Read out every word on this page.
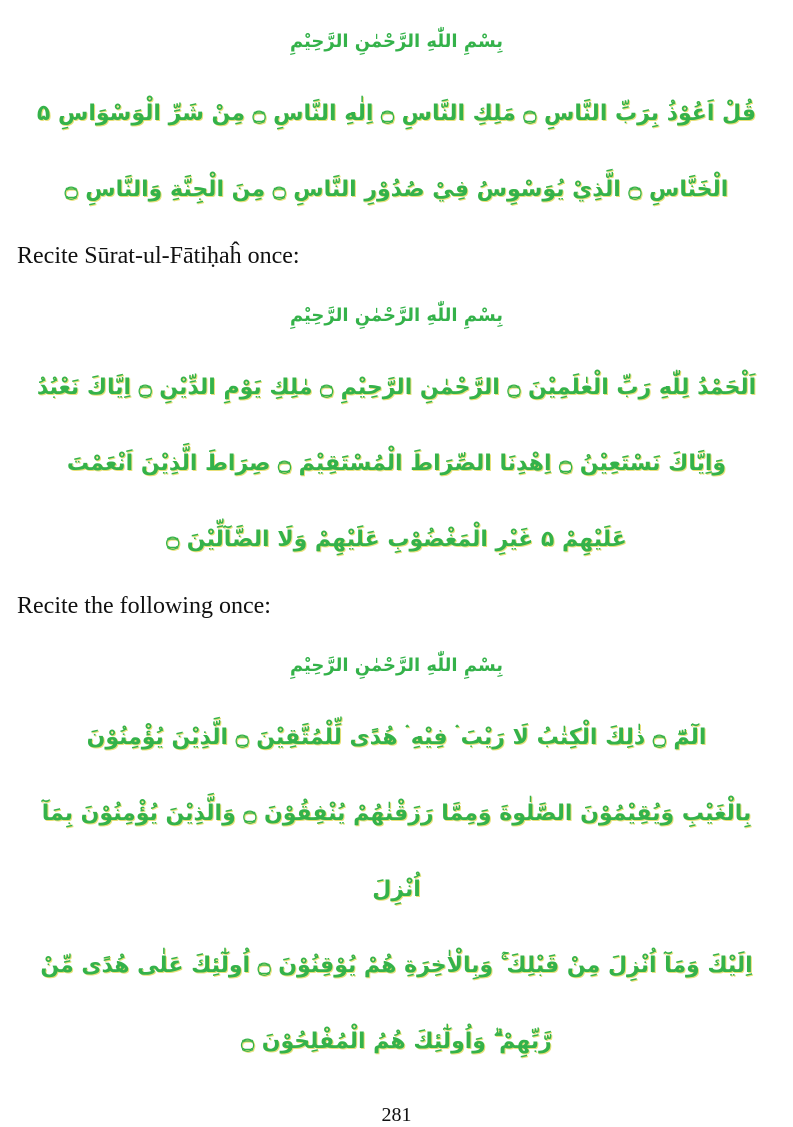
بِسْمِ اللّٰهِ الرَّحْمٰنِ الرَّحِيْمِ
قُلْ اَعُوْذُ بِرَبِّ النَّاسِ ۝ مَلِكِ النَّاسِ ۝ اِلٰهِ النَّاسِ ۝ مِنْ شَرِّ الْوَسْوَاسِ ۵
الْخَنَّاسِ ۝ الَّذِيْ يُوَسْوِسُ فِيْ صُدُوْرِ النَّاسِ ۝ مِنَ الْجِنَّةِ وَالنَّاسِ ۝
Recite Sūrat-ul-Fātiḥaĥ once:
بِسْمِ اللّٰهِ الرَّحْمٰنِ الرَّحِيْمِ
اَلْحَمْدُ لِلّٰهِ رَبِّ الْعٰلَمِيْنَ ۝ الرَّحْمٰنِ الرَّحِيْمِ ۝ مٰلِكِ يَوْمِ الدِّيْنِ ۝ اِيَّاكَ نَعْبُدُ
وَاِيَّاكَ نَسْتَعِيْنُ ۝ اِهْدِنَا الصِّرَاطَ الْمُسْتَقِيْمَ ۝ صِرَاطَ الَّذِيْنَ اَنْعَمْتَ
عَلَيْهِمْ ۵ غَيْرِ الْمَغْضُوْبِ عَلَيْهِمْ وَلَا الضَّآلِّيْنَ ۝
Recite the following once:
بِسْمِ اللّٰهِ الرَّحْمٰنِ الرَّحِيْمِ
الٓمّٓ ۝ ذٰلِكَ الْكِتٰبُ لَا رَيْبَ ۛ فِيْهِ ۛ هُدًى لِّلْمُتَّقِيْنَ ۝ الَّذِيْنَ يُؤْمِنُوْنَ
بِالْغَيْبِ وَيُقِيْمُوْنَ الصَّلٰوةَ وَمِمَّا رَزَقْنٰهُمْ يُنْفِقُوْنَ ۝ وَالَّذِيْنَ يُؤْمِنُوْنَ بِمَآ اُنْزِلَ
اِلَيْكَ وَمَآ اُنْزِلَ مِنْ قَبْلِكَ ۚ وَبِالْاٰخِرَةِ هُمْ يُوْقِنُوْنَ ۝ اُولٰٓئِكَ عَلٰى هُدًى مِّنْ
رَّبِّهِمْ ۗ وَاُولٰٓئِكَ هُمُ الْمُفْلِحُوْنَ ۝
281
